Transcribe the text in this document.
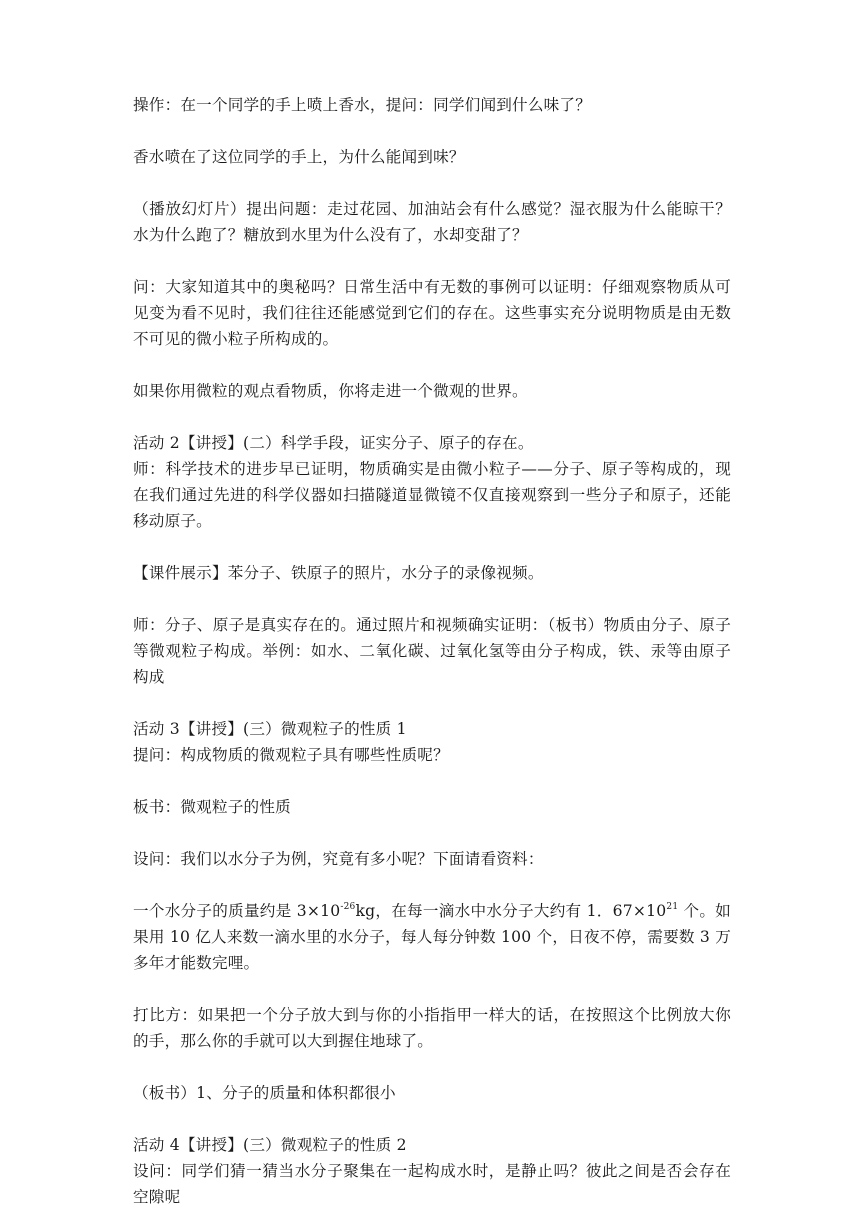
操作：在一个同学的手上喷上香水，提问：同学们闻到什么味了？

香水喷在了这位同学的手上，为什么能闻到味？

（播放幻灯片）提出问题：走过花园、加油站会有什么感觉？湿衣服为什么能晾干？水为什么跑了？糖放到水里为什么没有了，水却变甜了？

问：大家知道其中的奥秘吗？日常生活中有无数的事例可以证明：仔细观察物质从可见变为看不见时，我们往往还能感觉到它们的存在。这些事实充分说明物质是由无数不可见的微小粒子所构成的。

如果你用微粒的观点看物质，你将走进一个微观的世界。

活动 2【讲授】(二）科学手段，证实分子、原子的存在。

师：科学技术的进步早已证明，物质确实是由微小粒子——分子、原子等构成的，现在我们通过先进的科学仪器如扫描隧道显微镜不仅直接观察到一些分子和原子，还能移动原子。

【课件展示】苯分子、铁原子的照片，水分子的录像视频。

师：分子、原子是真实存在的。通过照片和视频确实证明：（板书）物质由分子、原子等微观粒子构成。举例：如水、二氧化碳、过氧化氢等由分子构成，铁、汞等由原子构成

活动 3【讲授】(三）微观粒子的性质 1

提问：构成物质的微观粒子具有哪些性质呢？

板书：微观粒子的性质

设问：我们以水分子为例，究竟有多小呢？下面请看资料：

一个水分子的质量约是 $3\times 10^{-26}kg$，在每一滴水中水分子大约有 1．$67\times 10^{21}$ 个。如果用 10 亿人来数一滴水里的水分子，每人每分钟数 100 个，日夜不停，需要数 3 万多年才能数完哩。

打比方：如果把一个分子放大到与你的小指指甲一样大的话，在按照这个比例放大你的手，那么你的手就可以大到握住地球了。

（板书）1、分子的质量和体积都很小

活动 4【讲授】(三）微观粒子的性质 2

设问：同学们猜一猜当水分子聚集在一起构成水时，是静止吗？彼此之间是否会存在空隙呢
